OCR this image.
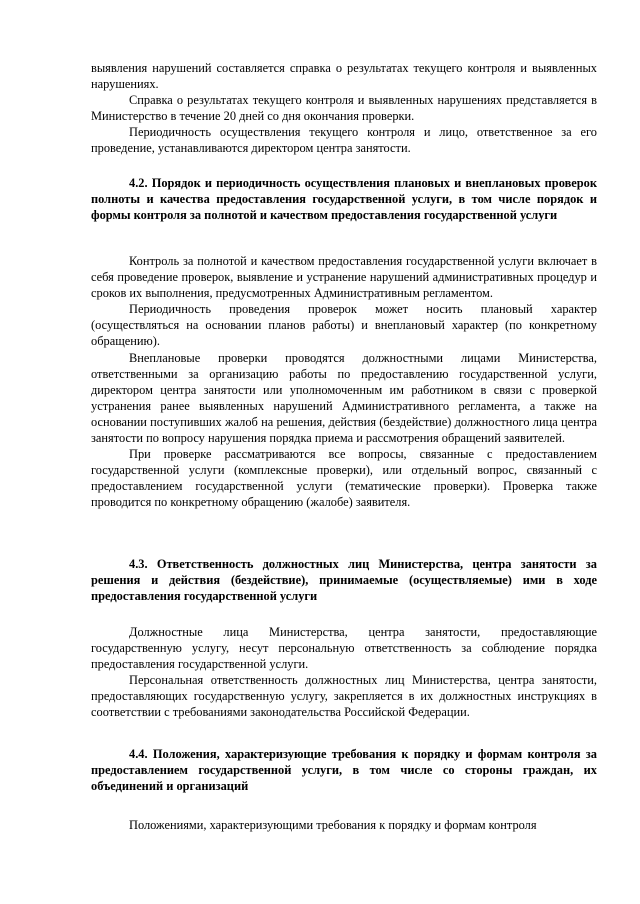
выявления нарушений составляется справка о результатах текущего контроля и выявленных нарушениях.

Справка о результатах текущего контроля и выявленных нарушениях представляется в Министерство в течение 20 дней со дня окончания проверки.

Периодичность осуществления текущего контроля и лицо, ответственное за его проведение, устанавливаются директором центра занятости.

4.2. Порядок и периодичность осуществления плановых и внеплановых проверок полноты и качества предоставления государственной услуги, в том числе порядок и формы контроля за полнотой и качеством предоставления государственной услуги

Контроль за полнотой и качеством предоставления государственной услуги включает в себя проведение проверок, выявление и устранение нарушений административных процедур и сроков их выполнения, предусмотренных Административным регламентом.

Периодичность проведения проверок может носить плановый характер (осуществляться на основании планов работы) и внеплановый характер (по конкретному обращению).

Внеплановые проверки проводятся должностными лицами Министерства, ответственными за организацию работы по предоставлению государственной услуги, директором центра занятости или уполномоченным им работником в связи с проверкой устранения ранее выявленных нарушений Административного регламента, а также на основании поступивших жалоб на решения, действия (бездействие) должностного лица центра занятости по вопросу нарушения порядка приема и рассмотрения обращений заявителей.

При проверке рассматриваются все вопросы, связанные с предоставлением государственной услуги (комплексные проверки), или отдельный вопрос, связанный с предоставлением государственной услуги (тематические проверки). Проверка также проводится по конкретному обращению (жалобе) заявителя.

4.3. Ответственность должностных лиц Министерства, центра занятости за решения и действия (бездействие), принимаемые (осуществляемые) ими в ходе предоставления государственной услуги

Должностные лица Министерства, центра занятости, предоставляющие государственную услугу, несут персональную ответственность за соблюдение порядка предоставления государственной услуги.

Персональная ответственность должностных лиц Министерства, центра занятости, предоставляющих государственную услугу, закрепляется в их должностных инструкциях в соответствии с требованиями законодательства Российской Федерации.

4.4. Положения, характеризующие требования к порядку и формам контроля за предоставлением государственной услуги, в том числе со стороны граждан, их объединений и организаций

Положениями, характеризующими требования к порядку и формам контроля
